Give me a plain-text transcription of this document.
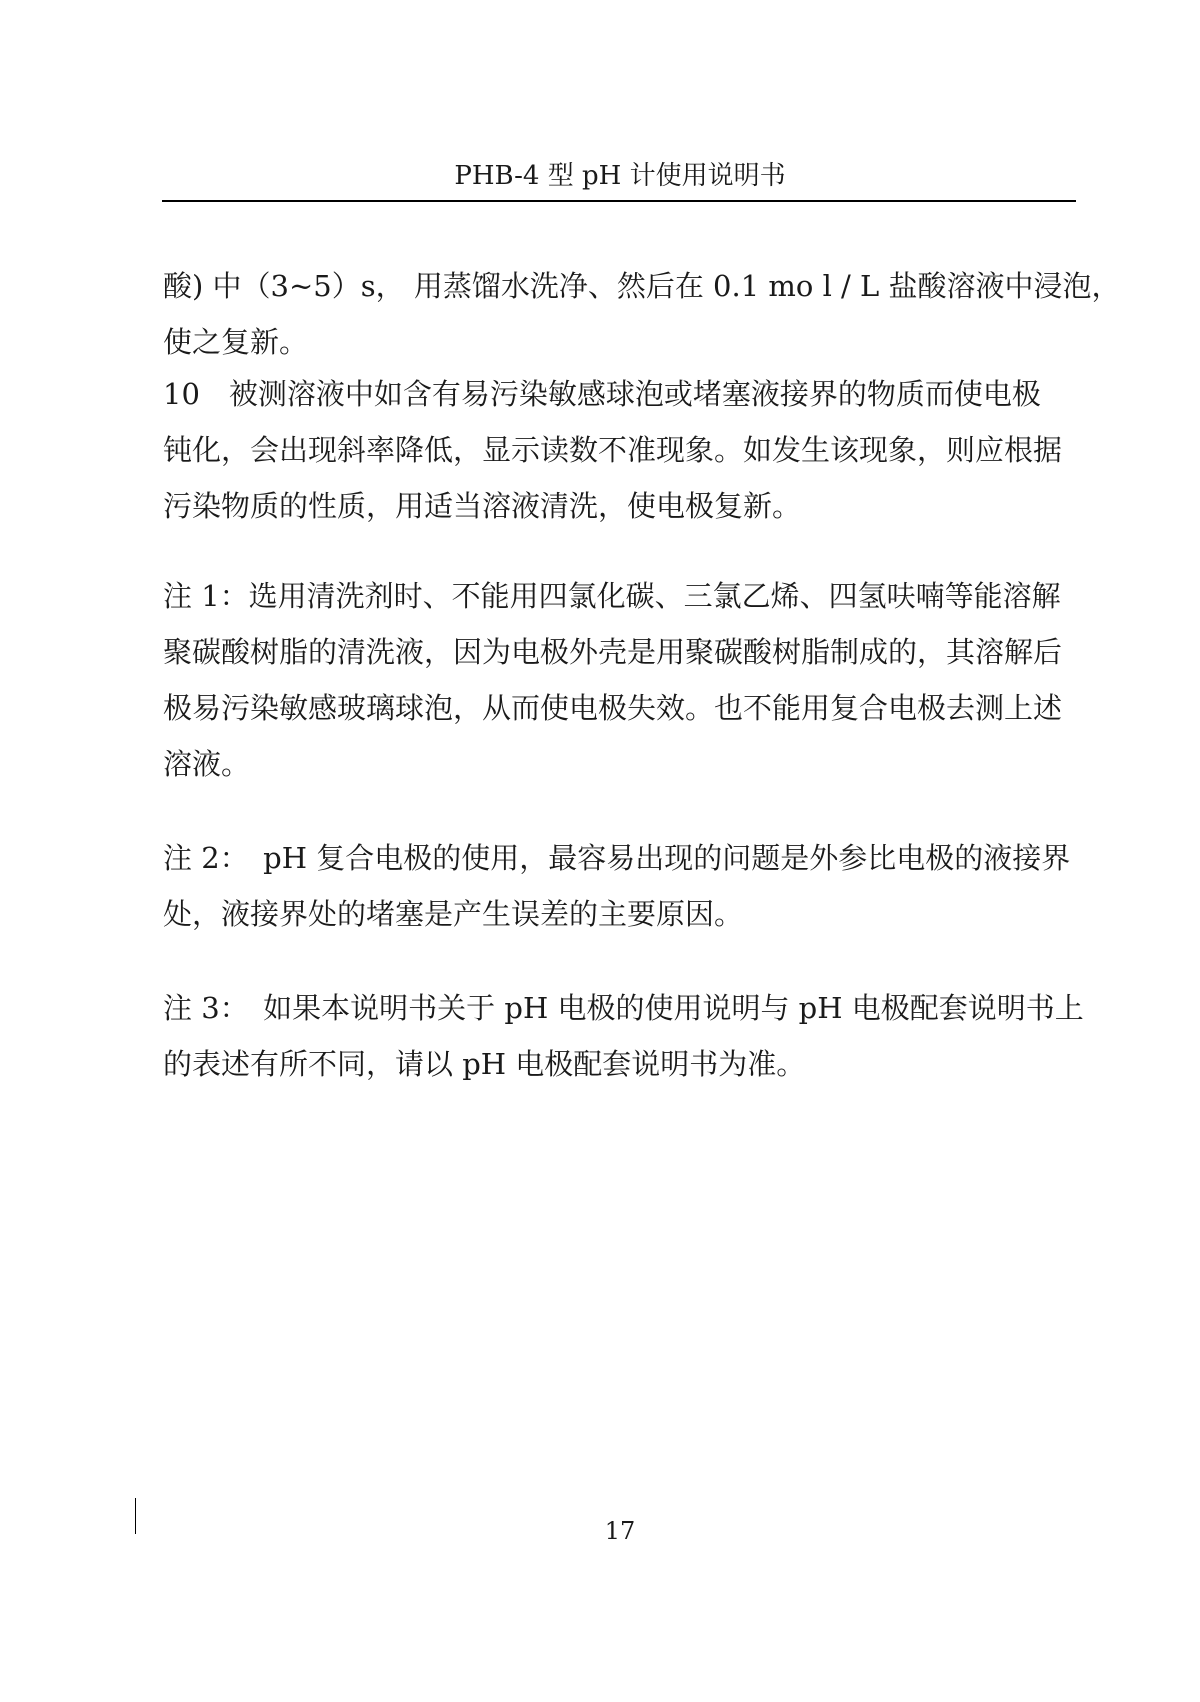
PHB-4 型 pH 计使用说明书
酸) 中（3~5）s， 用蒸馏水洗净、然后在 0.1 mo l / L 盐酸溶液中浸泡，
使之复新。
10　被测溶液中如含有易污染敏感球泡或堵塞液接界的物质而使电极
钝化，会出现斜率降低，显示读数不准现象。如发生该现象，则应根据
污染物质的性质，用适当溶液清洗，使电极复新。
注 1：选用清洗剂时、不能用四氯化碳、三氯乙烯、四氢呋喃等能溶解
聚碳酸树脂的清洗液，因为电极外壳是用聚碳酸树脂制成的，其溶解后
极易污染敏感玻璃球泡，从而使电极失效。也不能用复合电极去测上述
溶液。
注 2：　pH 复合电极的使用，最容易出现的问题是外参比电极的液接界
处，液接界处的堵塞是产生误差的主要原因。
注 3：　如果本说明书关于 pH 电极的使用说明与 pH 电极配套说明书上
的表述有所不同，请以 pH 电极配套说明书为准。
17
